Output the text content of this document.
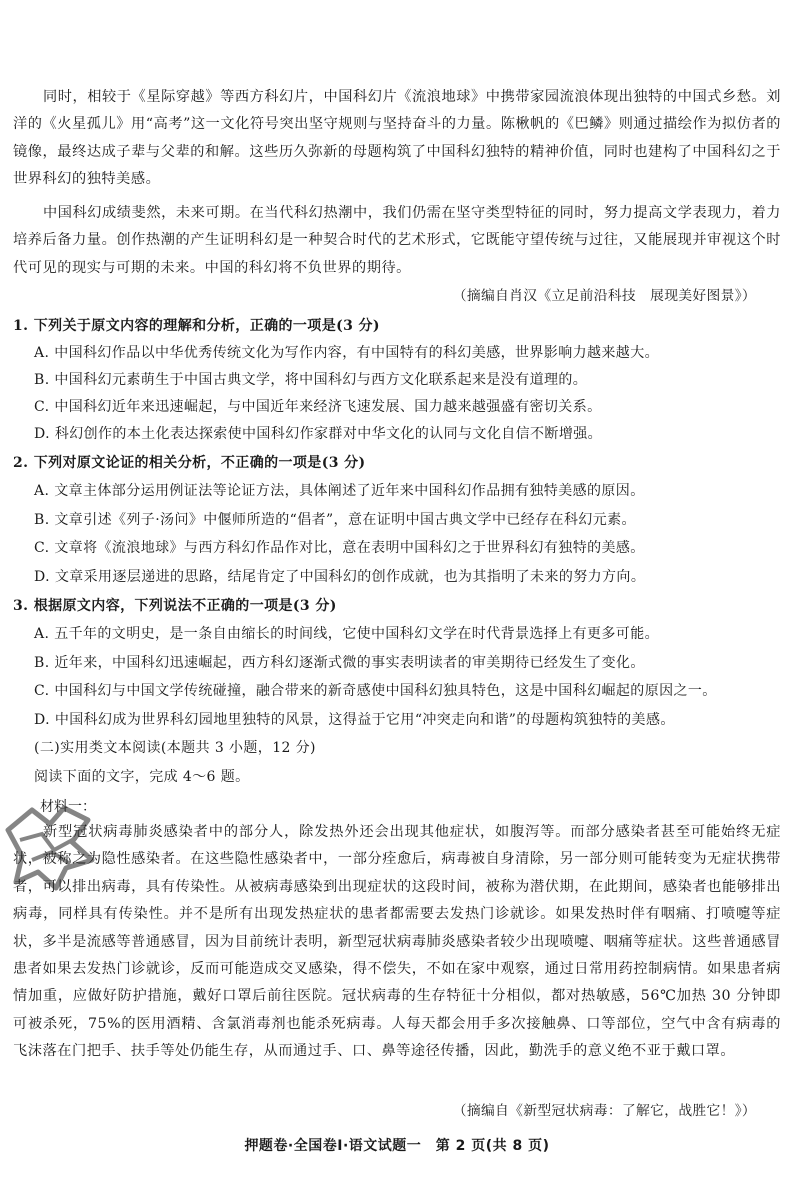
同时，相较于《星际穿越》等西方科幻片，中国科幻片《流浪地球》中携带家园流浪体现出独特的中国式乡愁。刘洋的《火星孤儿》用“高考”这一文化符号突出坚守规则与坚持奋斗的力量。陈楸帆的《巴鳞》则通过描绘作为拟仿者的镜像，最终达成子辈与父辈的和解。这些历久弥新的母题构筑了中国科幻独特的精神价值，同时也建构了中国科幻之于世界科幻的独特美感。

中国科幻成绩斐然，未来可期。在当代科幻热潮中，我们仍需在坚守类型特征的同时，努力提高文学表现力，着力培养后备力量。创作热潮的产生证明科幻是一种契合时代的艺术形式，它既能守望传统与过往，又能展现并审视这个时代可见的现实与可期的未来。中国的科幻将不负世界的期待。

（摘编自肖汉《立足前沿科技　展现美好图景》）

1. 下列关于原文内容的理解和分析，正确的一项是(3 分)

A. 中国科幻作品以中华优秀传统文化为写作内容，有中国特有的科幻美感，世界影响力越来越大。

B. 中国科幻元素萌生于中国古典文学，将中国科幻与西方文化联系起来是没有道理的。

C. 中国科幻近年来迅速崛起，与中国近年来经济飞速发展、国力越来越强盛有密切关系。

D. 科幻创作的本土化表达探索使中国科幻作家群对中华文化的认同与文化自信不断增强。

2. 下列对原文论证的相关分析，不正确的一项是(3 分)

A. 文章主体部分运用例证法等论证方法，具体阐述了近年来中国科幻作品拥有独特美感的原因。

B. 文章引述《列子·汤问》中偃师所造的“倡者”，意在证明中国古典文学中已经存在科幻元素。

C. 文章将《流浪地球》与西方科幻作品作对比，意在表明中国科幻之于世界科幻有独特的美感。

D. 文章采用逐层递进的思路，结尾肯定了中国科幻的创作成就，也为其指明了未来的努力方向。

3. 根据原文内容，下列说法不正确的一项是(3 分)

A. 五千年的文明史，是一条自由缩长的时间线，它使中国科幻文学在时代背景选择上有更多可能。

B. 近年来，中国科幻迅速崛起，西方科幻逐渐式微的事实表明读者的审美期待已经发生了变化。

C. 中国科幻与中国文学传统碰撞，融合带来的新奇感使中国科幻独具特色，这是中国科幻崛起的原因之一。

D. 中国科幻成为世界科幻园地里独特的风景，这得益于它用“冲突走向和谐”的母题构筑独特的美感。

(二)实用类文本阅读(本题共 3 小题，12 分)

阅读下面的文字，完成 4～6 题。

材料一：

新型冠状病毒肺炎感染者中的部分人，除发热外还会出现其他症状，如腹泻等。而部分感染者甚至可能始终无症状，被称之为隐性感染者。在这些隐性感染者中，一部分痊愈后，病毒被自身清除，另一部分则可能转变为无症状携带者，可以排出病毒，具有传染性。从被病毒感染到出现症状的这段时间，被称为潜伏期，在此期间，感染者也能够排出病毒，同样具有传染性。并不是所有出现发热症状的患者都需要去发热门诊就诊。如果发热时伴有咽痛、打喷嚏等症状，多半是流感等普通感冒，因为目前统计表明，新型冠状病毒肺炎感染者较少出现喷嚏、咽痛等症状。这些普通感冒患者如果去发热门诊就诊，反而可能造成交叉感染，得不偿失，不如在家中观察，通过日常用药控制病情。如果患者病情加重，应做好防护措施，戴好口罩后前往医院。冠状病毒的生存特征十分相似，都对热敏感，56℃加热 30 分钟即可被杀死，75%的医用酒精、含氯消毒剂也能杀死病毒。人每天都会用手多次接触鼻、口等部位，空气中含有病毒的飞沫落在门把手、扶手等处仍能生存，从而通过手、口、鼻等途径传播，因此，勤洗手的意义绝不亚于戴口罩。

（摘编自《新型冠状病毒：了解它，战胜它！》）

押题卷·全国卷Ⅰ·语文试题一　第 2 页(共 8 页)
